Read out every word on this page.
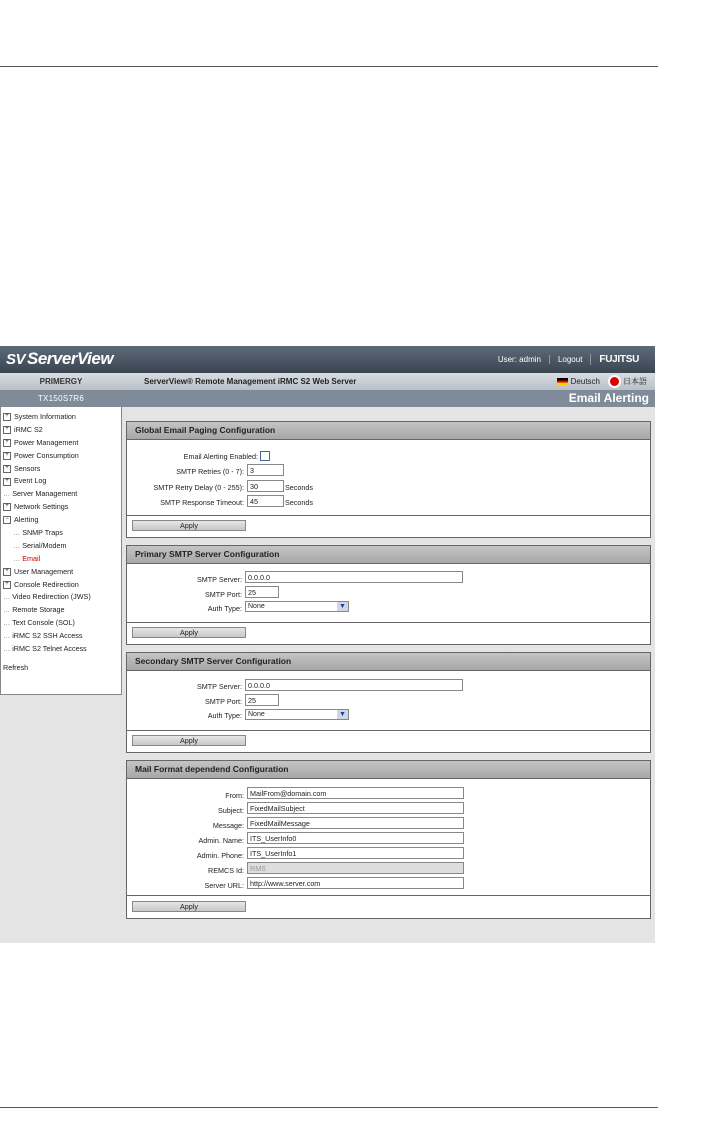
SV ServerView	User: admin	Logout	FUJITSU
PRIMERGY	ServerView® Remote Management iRMC S2 Web Server	Deutsch	日本語
TX150S7R6
+ System Information
+ iRMC S2
+ Power Management
+ Power Consumption
+ Sensors
+ Event Log
… Server Management
+ Network Settings
− Alerting
… SNMP Traps
… Serial/Modem
… Email
+ User Management
+ Console Redirection
… Video Redirection (JWS)
… Remote Storage
… Text Console (SOL)
… iRMC S2 SSH Access
… iRMC S2 Telnet Access
Refresh
Email Alerting
Global Email Paging Configuration
Email Alerting Enabled:
SMTP Retries (0 - 7): 3
SMTP Retry Delay (0 - 255): 30	Seconds
SMTP Response Timeout: 45	Seconds
Apply
Primary SMTP Server Configuration
SMTP Server: 0.0.0.0
SMTP Port: 25
Auth Type: None	▼
Apply
Secondary SMTP Server Configuration
SMTP Server: 0.0.0.0
SMTP Port: 25
Auth Type: None	▼
Apply
Mail Format dependend Configuration
From: MailFrom@domain.com
Subject: FixedMailSubject
Message: FixedMailMessage
Admin. Name: ITS_UserInfo0
Admin. Phone: ITS_UserInfo1
REMCS Id: RMS
Server URL: http://www.server.com
Apply
